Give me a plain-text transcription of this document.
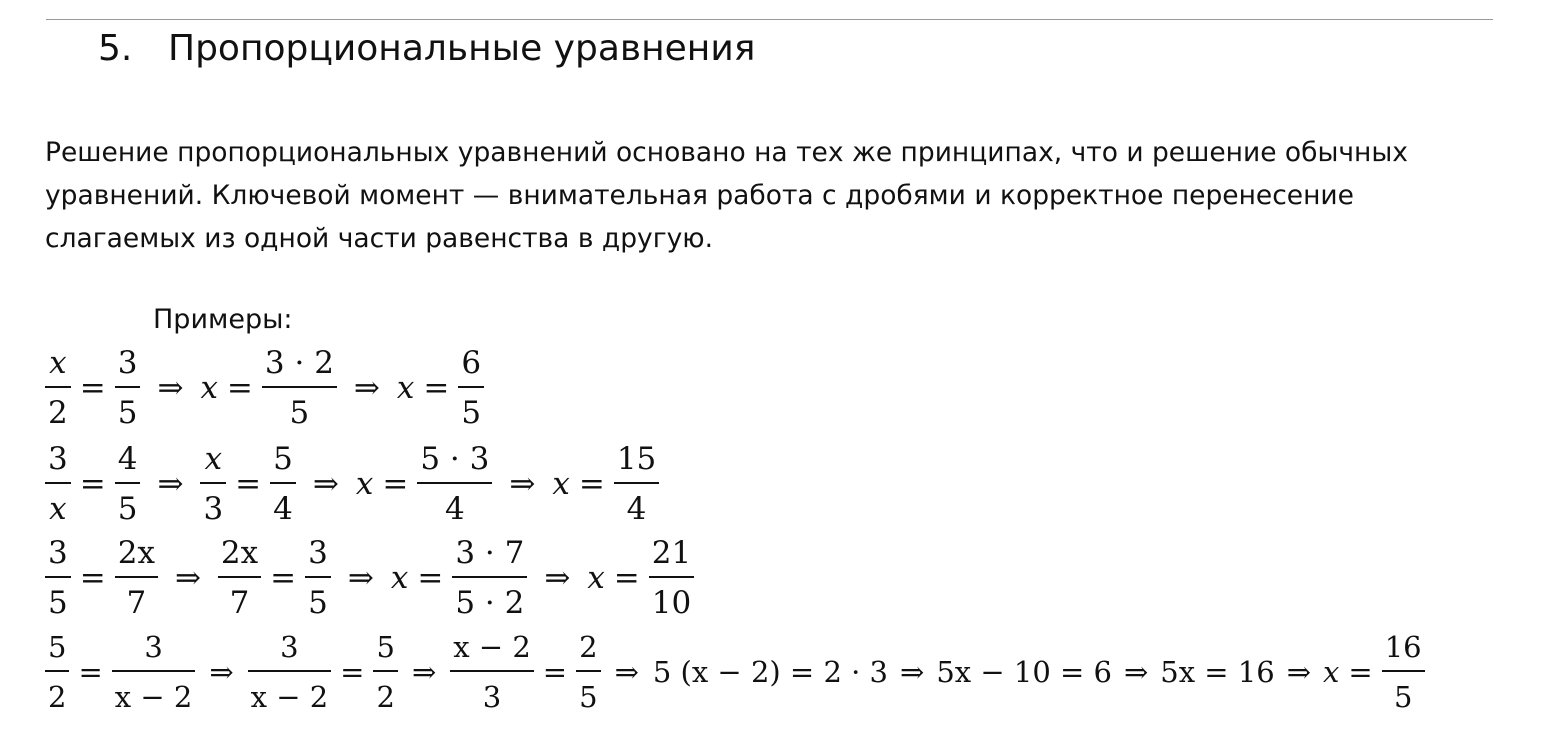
5. Пропорциональные уравнения
Решение пропорциональных уравнений основано на тех же принципах, что и решение обычных
уравнений. Ключевой момент — внимательная работа с дробями и корректное перенесение
слагаемых из одной части равенства в другую.
Примеры:
$\frac{x}{2} = \frac{3}{5}$ ⇒ $x = \frac{3 \cdot 2}{5}$ ⇒ $x = \frac{6}{5}$
$\frac{3}{x} = \frac{4}{5}$ ⇒ $\frac{x}{3} = \frac{5}{4}$ ⇒ $x = \frac{5 \cdot 3}{4}$ ⇒ $x = \frac{15}{4}$
$\frac{3}{5} = \frac{2x}{7}$ ⇒ $\frac{2x}{7} = \frac{3}{5}$ ⇒ $x = \frac{3 \cdot 7}{5 \cdot 2}$ ⇒ $x = \frac{21}{10}$
$\frac{5}{2} = \frac{3}{x - 2}$ ⇒ $\frac{3}{x - 2} = \frac{5}{2}$ ⇒ $\frac{x - 2}{3} = \frac{2}{5}$ ⇒ 5 (x − 2) = 2 · 3 ⇒ 5x − 10 = 6 ⇒ 5x = 16 ⇒ $x = \frac{16}{5}$
